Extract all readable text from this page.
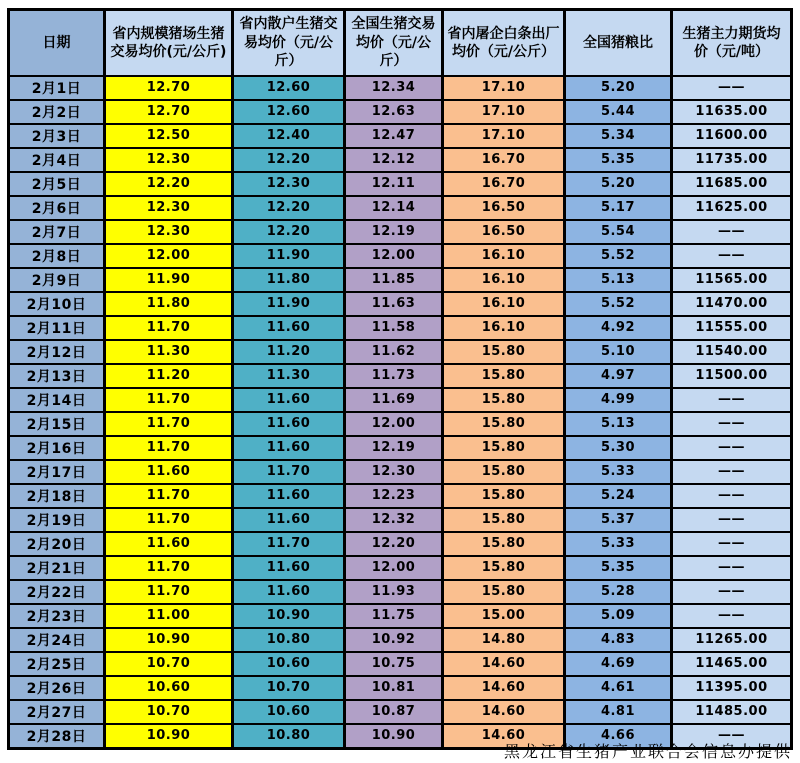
日期	省内规模猪场生猪交易均价(元/公斤)	省内散户生猪交易均价（元/公斤）	全国生猪交易均价（元/公斤）	省内屠企白条出厂均价（元/公斤）	全国猪粮比	生猪主力期货均价（元/吨）
2月1日	12.70	12.60	12.34	17.10	5.20	——
2月2日	12.70	12.60	12.63	17.10	5.44	11635.00
2月3日	12.50	12.40	12.47	17.10	5.34	11600.00
2月4日	12.30	12.20	12.12	16.70	5.35	11735.00
2月5日	12.20	12.30	12.11	16.70	5.20	11685.00
2月6日	12.30	12.20	12.14	16.50	5.17	11625.00
2月7日	12.30	12.20	12.19	16.50	5.54	——
2月8日	12.00	11.90	12.00	16.10	5.52	——
2月9日	11.90	11.80	11.85	16.10	5.13	11565.00
2月10日	11.80	11.90	11.63	16.10	5.52	11470.00
2月11日	11.70	11.60	11.58	16.10	4.92	11555.00
2月12日	11.30	11.20	11.62	15.80	5.10	11540.00
2月13日	11.20	11.30	11.73	15.80	4.97	11500.00
2月14日	11.70	11.60	11.69	15.80	4.99	——
2月15日	11.70	11.60	12.00	15.80	5.13	——
2月16日	11.70	11.60	12.19	15.80	5.30	——
2月17日	11.60	11.70	12.30	15.80	5.33	——
2月18日	11.70	11.60	12.23	15.80	5.24	——
2月19日	11.70	11.60	12.32	15.80	5.37	——
2月20日	11.60	11.70	12.20	15.80	5.33	——
2月21日	11.70	11.60	12.00	15.80	5.35	——
2月22日	11.70	11.60	11.93	15.80	5.28	——
2月23日	11.00	10.90	11.75	15.00	5.09	——
2月24日	10.90	10.80	10.92	14.80	4.83	11265.00
2月25日	10.70	10.60	10.75	14.60	4.69	11465.00
2月26日	10.60	10.70	10.81	14.60	4.61	11395.00
2月27日	10.70	10.60	10.87	14.60	4.81	11485.00
2月28日	10.90	10.80	10.90	14.60	4.66	——
黑龙江省生猪产业联合会信息办提供
